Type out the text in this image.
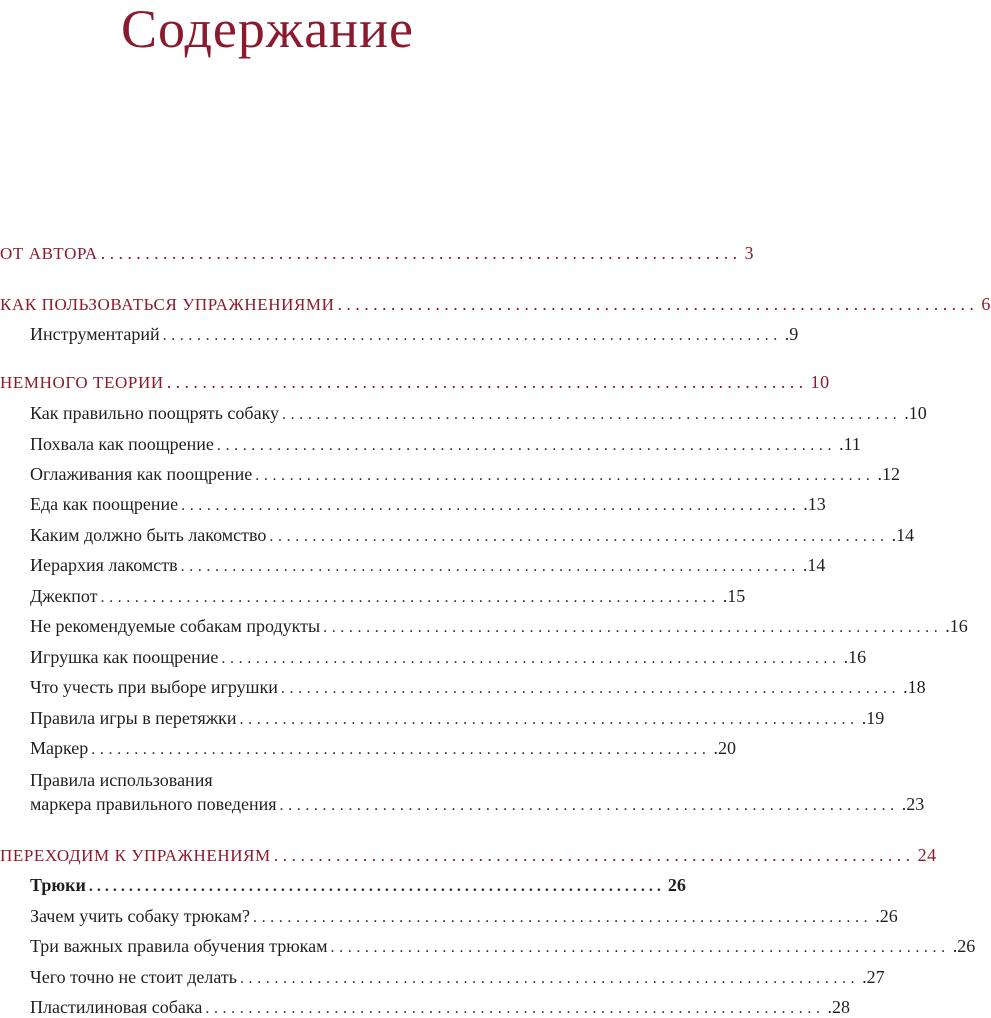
Содержание
ОТ АВТОРА ........................................................................ 3
КАК ПОЛЬЗОВАТЬСЯ УПРАЖНЕНИЯМИ ........................................................................ 6
Инструментарий ........................................................................ .9
НЕМНОГО ТЕОРИИ ........................................................................ 10
Как правильно поощрять собаку ........................................................................ .10
Похвала как поощрение ........................................................................ .11
Оглаживания как поощрение ........................................................................ .12
Еда как поощрение ........................................................................ .13
Каким должно быть лакомство ........................................................................ .14
Иерархия лакомств ........................................................................ .14
Джекпот ........................................................................ .15
Не рекомендуемые собакам продукты ........................................................................ .16
Игрушка как поощрение ........................................................................ .16
Что учесть при выборе игрушки ........................................................................ .18
Правила игры в перетяжки ........................................................................ .19
Маркер ........................................................................ .20
Правила использования
маркера правильного поведения ........................................................................ .23
ПЕРЕХОДИМ К УПРАЖНЕНИЯМ ........................................................................ 24
Трюки ........................................................................ 26
Зачем учить собаку трюкам? ........................................................................ .26
Три важных правила обучения трюкам ........................................................................ .26
Чего точно не стоит делать ........................................................................ .27
Пластилиновая собака ........................................................................ .28
